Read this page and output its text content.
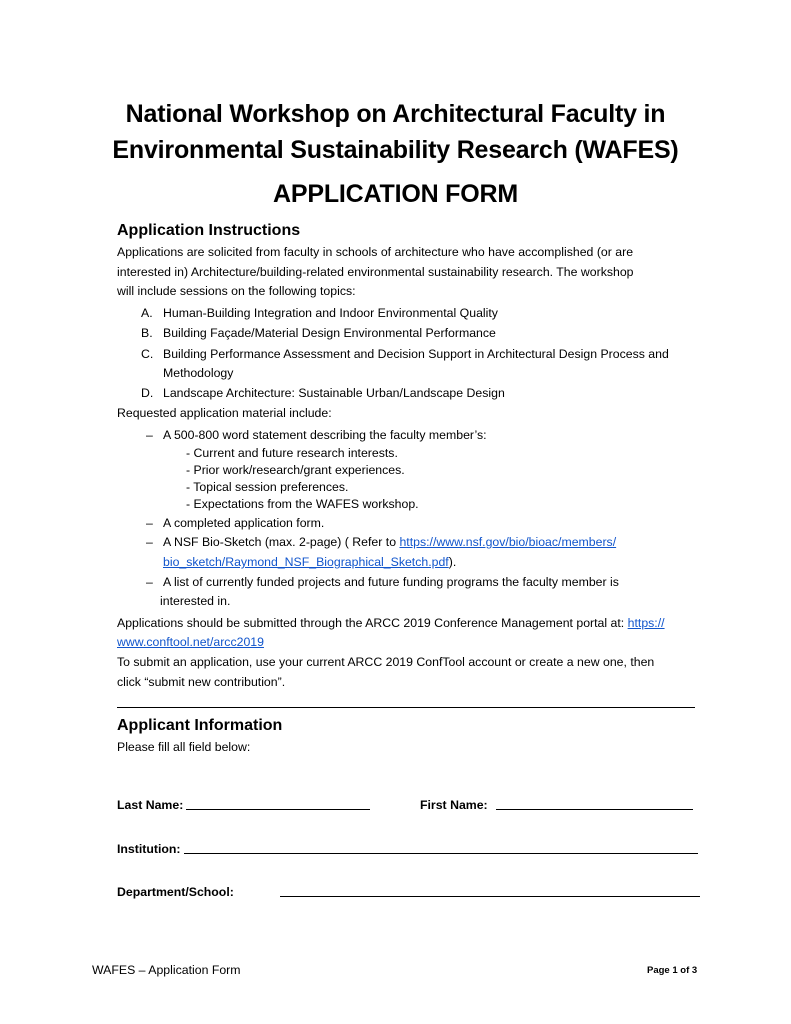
National Workshop on Architectural Faculty in
Environmental Sustainability Research (WAFES)
APPLICATION FORM
Application Instructions
Applications are solicited from faculty in schools of architecture who have accomplished (or are
interested in) Architecture/building-related environmental sustainability research. The workshop
will include sessions on the following topics:
A. Human-Building Integration and Indoor Environmental Quality
B. Building Façade/Material Design Environmental Performance
C. Building Performance Assessment and Decision Support in Architectural Design Process and
Methodology
D. Landscape Architecture: Sustainable Urban/Landscape Design
Requested application material include:
– A 500-800 word statement describing the faculty member’s:
- Current and future research interests.
- Prior work/research/grant experiences.
- Topical session preferences.
- Expectations from the WAFES workshop.
– A completed application form.
– A NSF Bio-Sketch (max. 2-page) ( Refer to https://www.nsf.gov/bio/bioac/members/
bio_sketch/Raymond_NSF_Biographical_Sketch.pdf).
– A list of currently funded projects and future funding programs the faculty member is
interested in.
Applications should be submitted through the ARCC 2019 Conference Management portal at: https://
www.conftool.net/arcc2019
To submit an application, use your current ARCC 2019 ConfTool account or create a new one, then
click “submit new contribution”.
Applicant Information
Please fill all field below:
Last Name:	First Name:
Institution:
Department/School:
WAFES – Application Form	Page 1 of 3
